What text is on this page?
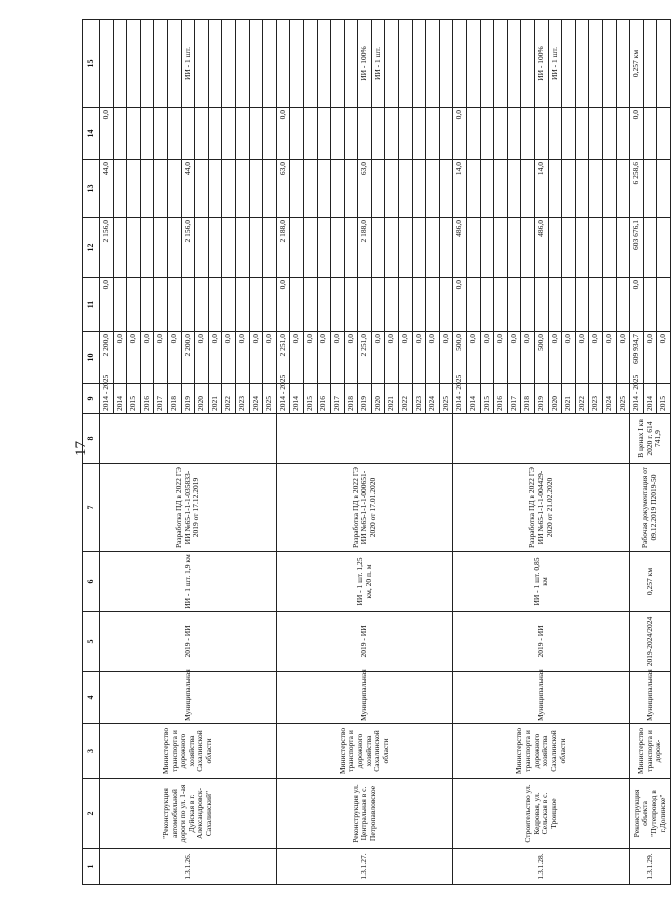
17
1	2	3	4	5	6	7	8	9	10	11	12	13	14	15
1.3.1.26.	"Реконструкция автомобильной дороги по ул. 1-ая Дуйская в г. Александровск-Сахалинский"	Министерство транспорта и дорожного хозяйства Сахалинской области	Муниципальная	2019 - ИИ	ИИ - 1 шт. 1,9 км	Разработка ПД в 2022 ГЭ ИИ №65-1-1-1-035833-2019 от 17.12.2019		2014 - 2025	2 200,0	0,0	2 156,0	44,0	0,0	
								2014	0,0					
								2015	0,0					
								2016	0,0					
								2017	0,0					
								2018	0,0					
								2019	2 200,0		2 156,0	44,0		ИИ - 1 шт.
								2020	0,0					
								2021	0,0					
								2022	0,0					
								2023	0,0					
								2024	0,0					
								2025	0,0					
1.3.1.27.	Реконструкция ул. Центральная в с. Петропавловское	Министерство транспорта и дорожного хозяйства Сахалинской области	Муниципальная	2019 - ИИ	ИИ - 1 шт. 1,25 км, 20 п. м	Разработка ПД в 2022 ГЭ ИИ №65-1-1-1-000651-2020 от 17.01.2020		2014 - 2025	2 251,0	0,0	2 188,0	63,0	0,0	
								2014	0,0					
								2015	0,0					
								2016	0,0					
								2017	0,0					
								2018	0,0					
								2019	2 251,0		2 188,0	63,0		ИИ - 100%
								2020	0,0					ИИ - 1 шт.
								2021	0,0					
								2022	0,0					
								2023	0,0					
								2024	0,0					
								2025	0,0					
1.3.1.28.	Строительство ул. Кедровая, ул. Сельская в с. Троицкое	Министерство транспорта и дорожного хозяйства Сахалинской области	Муниципальная	2019 - ИИ	ИИ - 1 шт. 0,85 км	Разработка ПД в 2022 ГЭ ИИ №65-1-1-1-004429-2020 от 21.02.2020		2014 - 2025	500,0	0,0	486,0	14,0	0,0	
								2014	0,0					
								2015	0,0					
								2016	0,0					
								2017	0,0					
								2018	0,0					
								2019	500,0		486,0	14,0		ИИ - 100%
								2020	0,0					ИИ - 1 шт.
								2021	0,0					
								2022	0,0					
								2023	0,0					
								2024	0,0					
								2025	0,0					
1.3.1.29.	Реконструкция объекта "Путепровод в г.Долинске"	Министерство транспорта и дорож-	Муниципальная	2019-2024/2024	0,257 км	Рабочая документация от 09.12.2019 П2019-50	В ценах I кв 2020 г. 614 741,9	2014 - 2025	609 934,7	0,0	603 676,1	6 258,6	0,0	0,257 км
								2014	0,0					
								2015	0,0					
